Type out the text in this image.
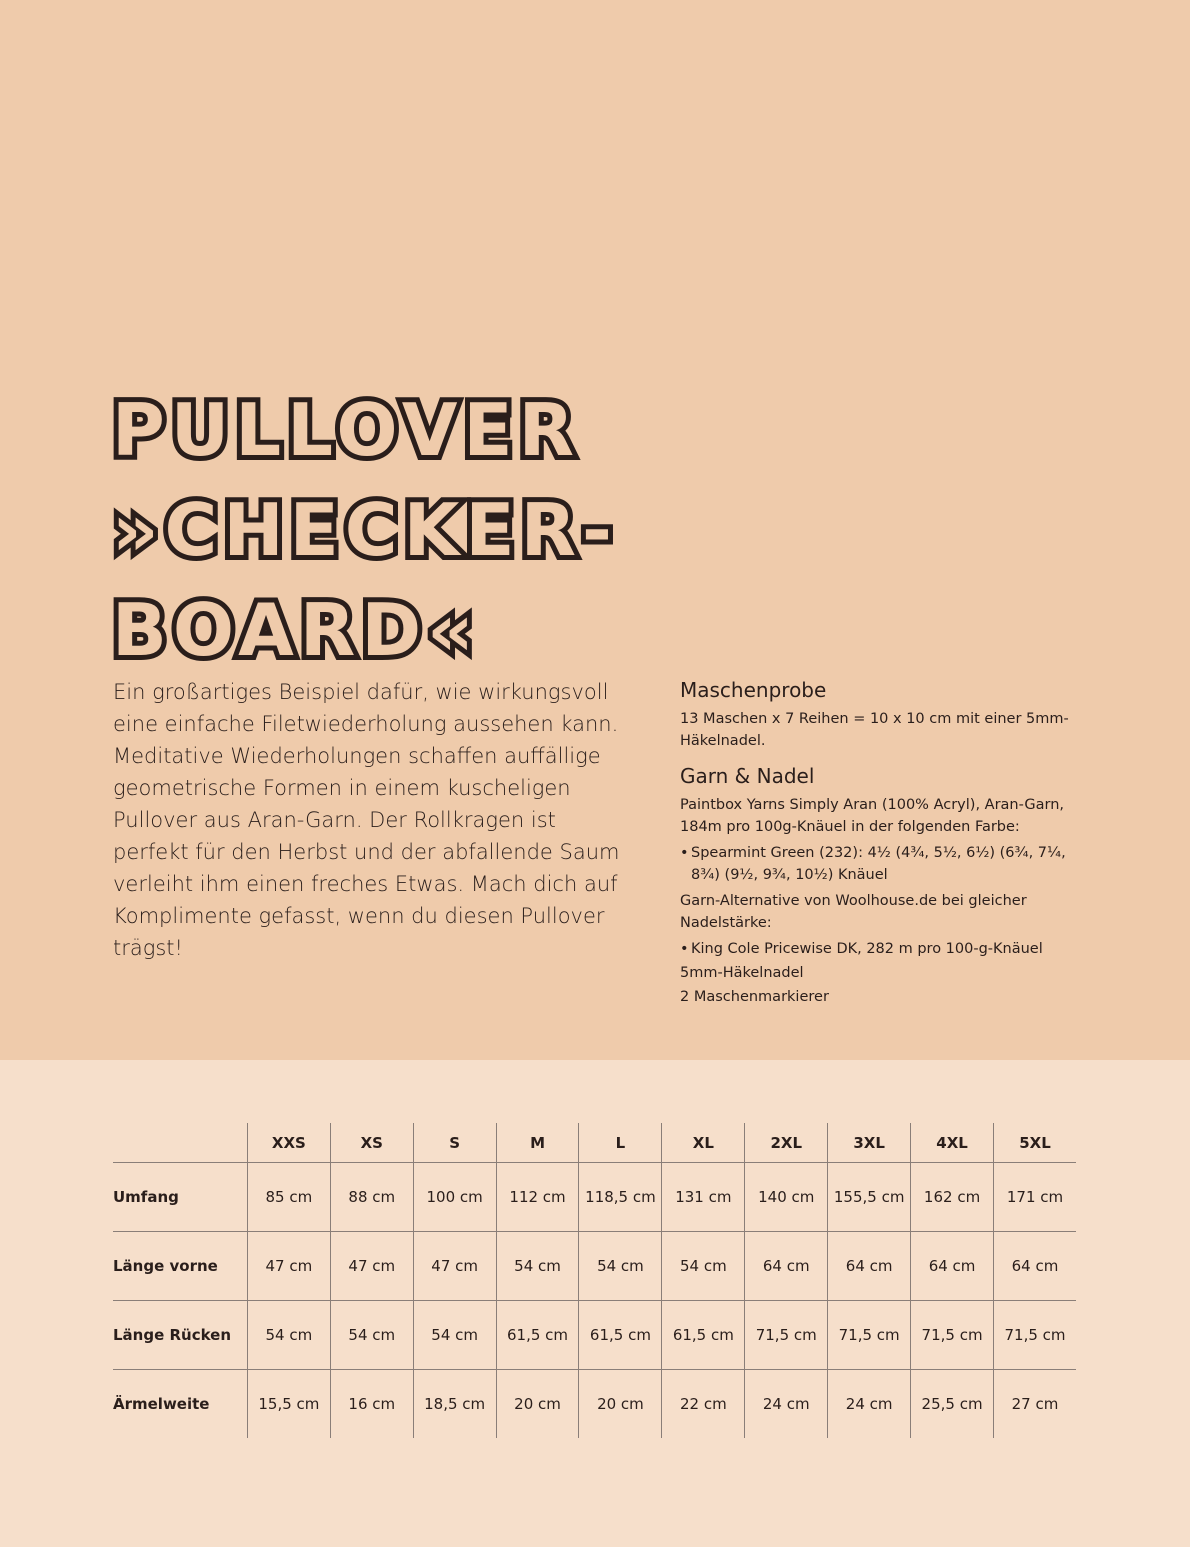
PULLOVER
»CHECKER-
BOARD«
Ein großartiges Beispiel dafür, wie wirkungsvoll eine einfache Filetwiederholung aussehen kann. Meditative Wiederholungen schaffen auffällige geometrische Formen in einem kuscheligen Pullover aus Aran-Garn. Der Rollkragen ist perfekt für den Herbst und der abfallende Saum verleiht ihm einen freches Etwas. Mach dich auf Komplimente gefasst, wenn du diesen Pullover trägst!
Maschenprobe

13 Maschen x 7 Reihen = 10 x 10 cm mit einer 5mm-Häkelnadel.

Garn & Nadel

Paintbox Yarns Simply Aran (100% Acryl), Aran-Garn, 184m pro 100g-Knäuel in der folgenden Farbe:

• Spearmint Green (232): 4½ (4¾, 5½, 6½) (6¾, 7¼, 8¾) (9½, 9¾, 10½) Knäuel

Garn-Alternative von Woolhouse.de bei gleicher Nadelstärke:

• King Cole Pricewise DK, 282 m pro 100-g-Knäuel

5mm-Häkelnadel

2 Maschenmarkierer

	XXS	XS	S	M	L	XL	2XL	3XL	4XL	5XL
Umfang	85 cm	88 cm	100 cm	112 cm	118,5 cm	131 cm	140 cm	155,5 cm	162 cm	171 cm
Länge vorne	47 cm	47 cm	47 cm	54 cm	54 cm	54 cm	64 cm	64 cm	64 cm	64 cm
Länge Rücken	54 cm	54 cm	54 cm	61,5 cm	61,5 cm	61,5 cm	71,5 cm	71,5 cm	71,5 cm	71,5 cm
Ärmelweite	15,5 cm	16 cm	18,5 cm	20 cm	20 cm	22 cm	24 cm	24 cm	25,5 cm	27 cm
